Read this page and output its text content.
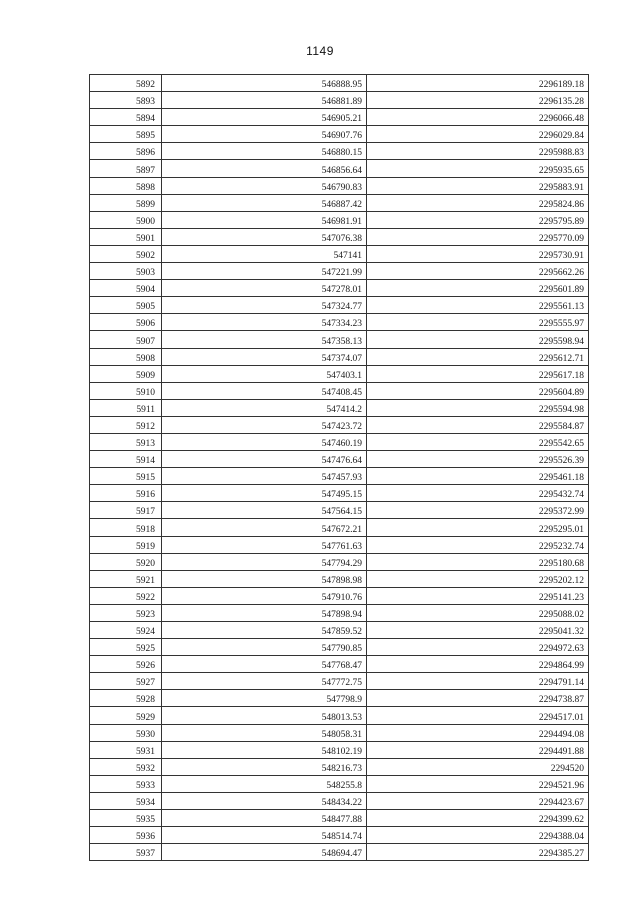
1149
5892	546888.95	2296189.18
5893	546881.89	2296135.28
5894	546905.21	2296066.48
5895	546907.76	2296029.84
5896	546880.15	2295988.83
5897	546856.64	2295935.65
5898	546790.83	2295883.91
5899	546887.42	2295824.86
5900	546981.91	2295795.89
5901	547076.38	2295770.09
5902	547141	2295730.91
5903	547221.99	2295662.26
5904	547278.01	2295601.89
5905	547324.77	2295561.13
5906	547334.23	2295555.97
5907	547358.13	2295598.94
5908	547374.07	2295612.71
5909	547403.1	2295617.18
5910	547408.45	2295604.89
5911	547414.2	2295594.98
5912	547423.72	2295584.87
5913	547460.19	2295542.65
5914	547476.64	2295526.39
5915	547457.93	2295461.18
5916	547495.15	2295432.74
5917	547564.15	2295372.99
5918	547672.21	2295295.01
5919	547761.63	2295232.74
5920	547794.29	2295180.68
5921	547898.98	2295202.12
5922	547910.76	2295141.23
5923	547898.94	2295088.02
5924	547859.52	2295041.32
5925	547790.85	2294972.63
5926	547768.47	2294864.99
5927	547772.75	2294791.14
5928	547798.9	2294738.87
5929	548013.53	2294517.01
5930	548058.31	2294494.08
5931	548102.19	2294491.88
5932	548216.73	2294520
5933	548255.8	2294521.96
5934	548434.22	2294423.67
5935	548477.88	2294399.62
5936	548514.74	2294388.04
5937	548694.47	2294385.27
